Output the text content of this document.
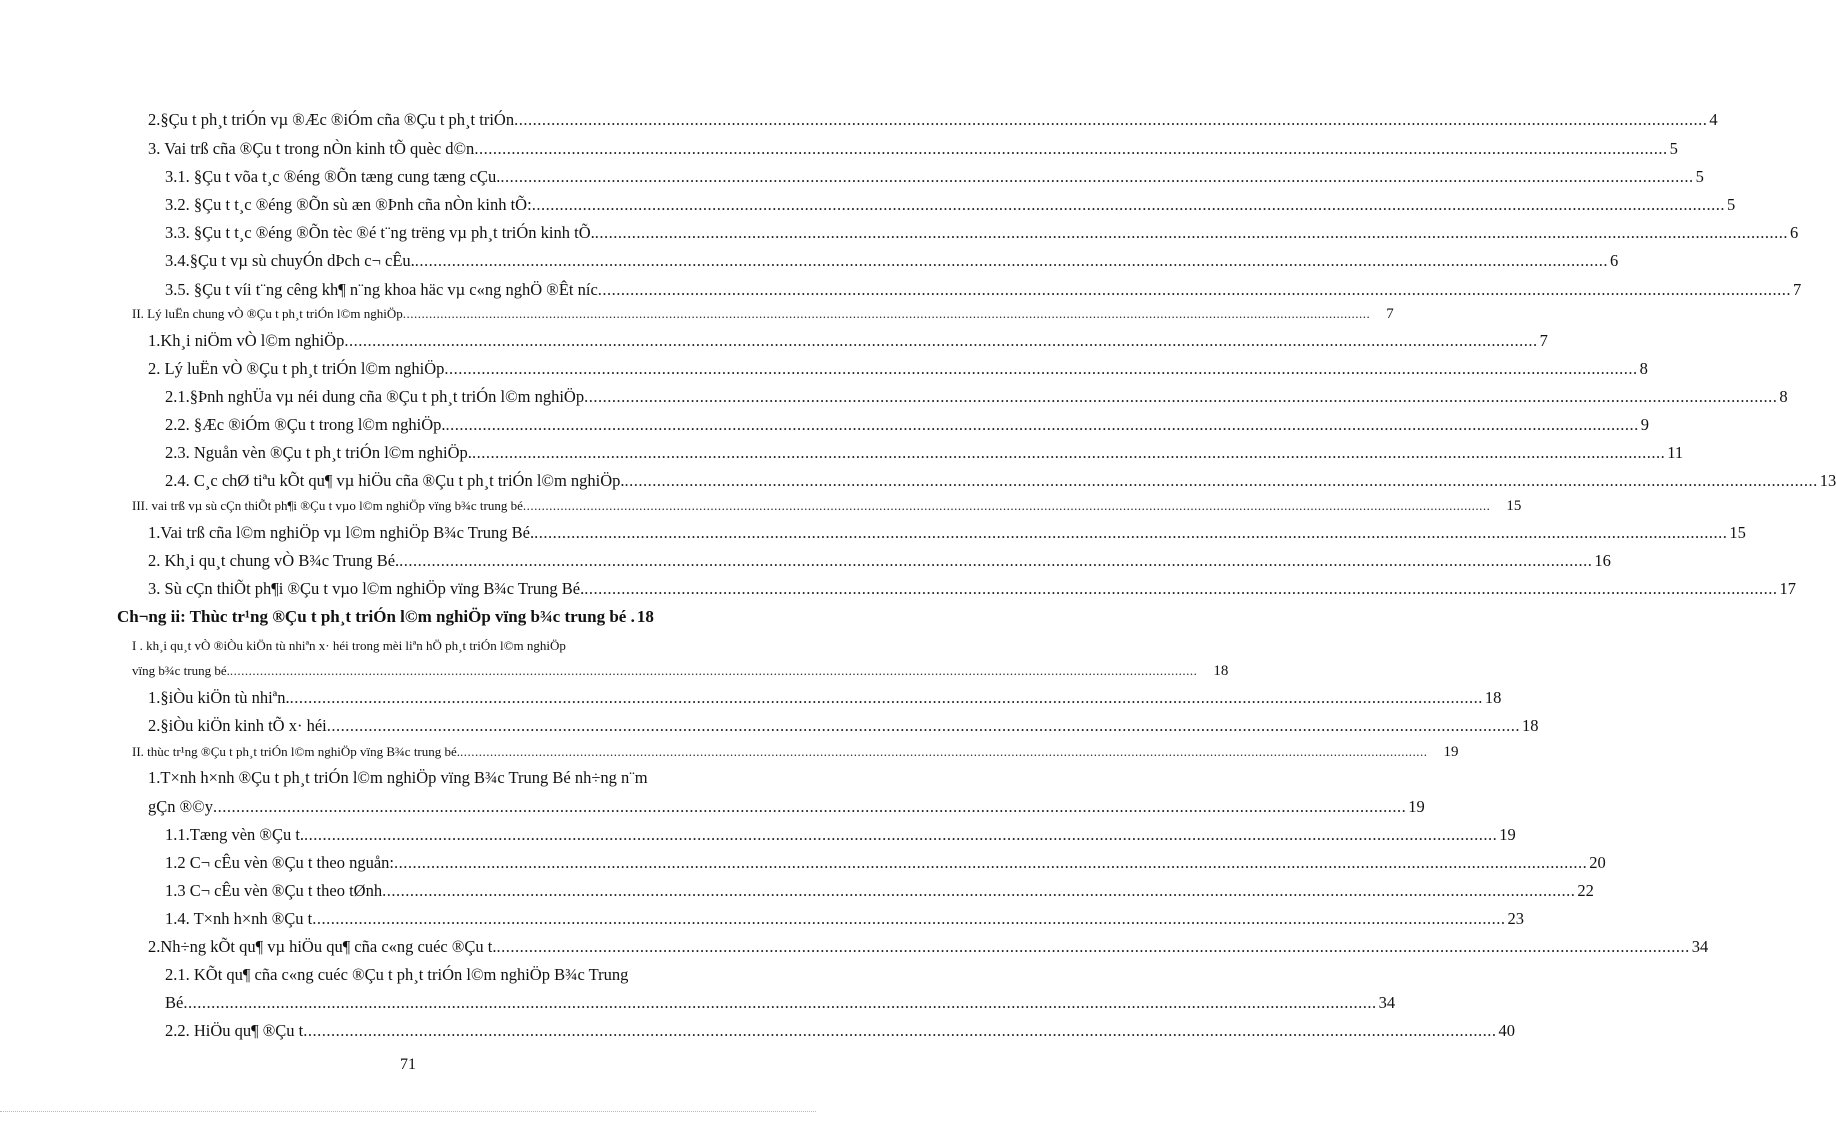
2.§Çu t ph¸t triÓn vµ ®Æc ®iÓm cña ®Çu t ph¸t triÓn .....	4
3. Vai trß cña ®Çu t trong nÒn kinh tÕ quèc d©n .....	5
3.1. §Çu t võa t¸c ®éng ®Õn tæng cung tæng cÇu. .....	5
3.2. §Çu t t¸c ®éng ®Õn sù æn ®Þnh cña nÒn kinh tÕ: .....	5
3.3. §Çu t t¸c ®éng ®Õn tèc ®é t¨ng trëng vµ ph¸t triÓn kinh tÕ. .....	6
3.4.§Çu t vµ sù chuyÓn dÞch c¬ cÊu. .....	6
3.5. §Çu t víi t¨ng cêng kh¶ n¨ng khoa häc vµ c«ng nghÖ ®Êt níc .....	7
II. Lý luËn chung vÒ ®Çu t ph¸t triÓn l©m nghiÖp .....	7
1.Kh¸i niÖm vÒ l©m nghiÖp .....	7
2. Lý luËn vÒ ®Çu t ph¸t triÓn l©m nghiÖp .....	8
2.1.§Þnh nghÜa vµ néi dung cña ®Çu t ph¸t triÓn l©m nghiÖp .....	8
2.2. §Æc ®iÓm ®Çu t trong l©m nghiÖp. .....	9
2.3. Nguån vèn ®Çu t ph¸t triÓn l©m nghiÖp. .....	11
2.4. C¸c chØ tiªu kÕt qu¶ vµ hiÖu cña ®Çu t ph¸t triÓn l©m nghiÖp. .....	13
III. vai trß vµ sù cÇn thiÕt ph¶i ®Çu t vµo l©m nghiÖp vïng b¾c trung bé .....	15
1.Vai trß cña l©m nghiÖp vµ l©m nghiÖp B¾c Trung Bé. .....	15
2. Kh¸i qu¸t chung vÒ B¾c Trung Bé. .....	16
3. Sù cÇn thiÕt ph¶i ®Çu t vµo l©m nghiÖp vïng B¾c Trung Bé. .....	17
Ch¬ng ii: Thùc tr¹ng ®Çu t ph¸t triÓn l©m nghiÖp vïng b¾c trung bé . 18
I . kh¸i qu¸t vÒ ®iÒu kiÖn tù nhiªn x· héi trong mèi liªn hÖ ph¸t triÓn l©m nghiÖp
vïng b¾c trung bé. .....	18
1.§iÒu kiÖn tù nhiªn. .....	18
2.§iÒu kiÖn kinh tÕ x· héi .....	18
II. thùc tr¹ng ®Çu t ph¸t triÓn l©m nghiÖp vïng B¾c trung bé. .....	19
1.T×nh h×nh ®Çu t ph¸t triÓn l©m nghiÖp vïng B¾c Trung Bé nh÷ng n¨m
gÇn ®©y .....	19
1.1.Tæng vèn ®Çu t. .....	19
1.2 C¬ cÊu vèn ®Çu t theo nguån: .....	20
1.3 C¬ cÊu vèn ®Çu t theo tØnh .....	22
1.4. T×nh h×nh ®Çu t .....	23
2.Nh÷ng kÕt qu¶ vµ hiÖu qu¶ cña c«ng cuéc ®Çu t. .....	34
2.1. KÕt qu¶ cña c«ng cuéc ®Çu t ph¸t triÓn l©m nghiÖp B¾c Trung
Bé .....	34
2.2. HiÖu qu¶ ®Çu t .....	40
71
